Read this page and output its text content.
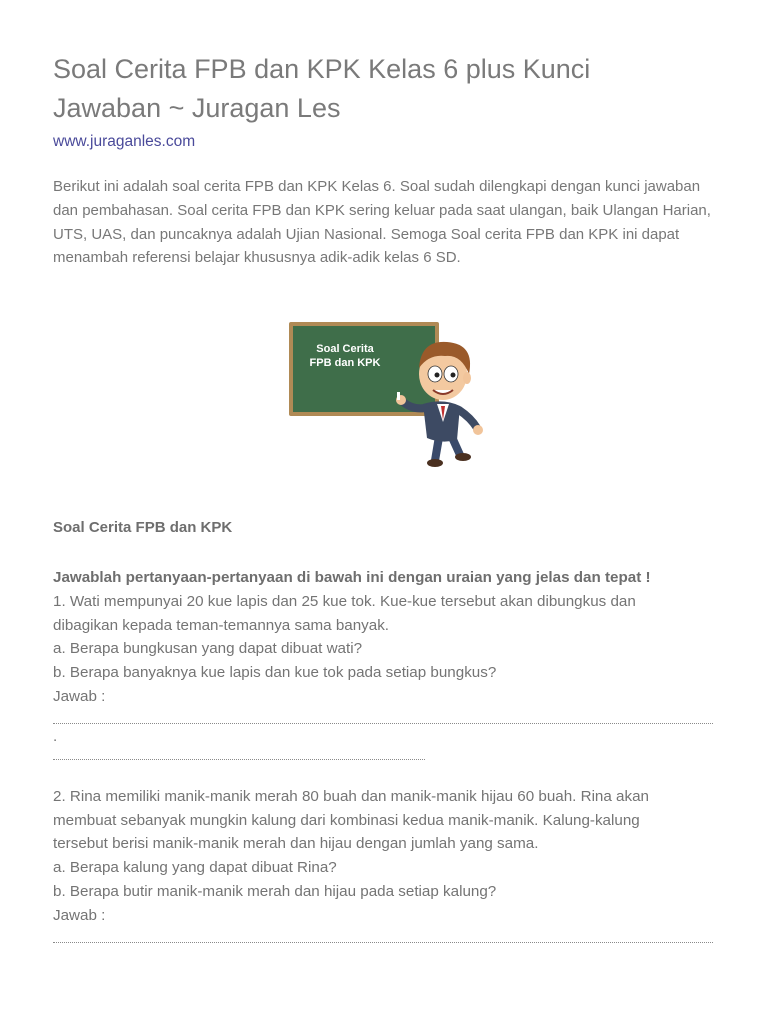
Soal Cerita FPB dan KPK Kelas 6 plus Kunci Jawaban ~ Juragan Les
www.juraganles.com

Berikut ini adalah soal cerita FPB dan KPK Kelas 6. Soal sudah dilengkapi dengan kunci jawaban dan pembahasan. Soal cerita FPB dan KPK sering keluar pada saat ulangan, baik Ulangan Harian, UTS, UAS, dan puncaknya adalah Ujian Nasional. Semoga Soal cerita FPB dan KPK ini dapat menambah referensi belajar khususnya adik-adik kelas 6 SD.

Soal Cerita
FPB dan KPK
Soal Cerita FPB dan KPK
Jawablah pertanyaan-pertanyaan di bawah ini dengan uraian yang jelas dan tepat !
1. Wati mempunyai 20 kue lapis dan 25 kue tok. Kue-kue tersebut akan dibungkus dan
dibagikan kepada teman-temannya sama banyak.
a. Berapa bungkusan yang dapat dibuat wati?
b. Berapa banyaknya kue lapis dan kue tok pada setiap bungkus?
Jawab :
.
2. Rina memiliki manik-manik merah 80 buah dan manik-manik hijau 60 buah. Rina akan
membuat sebanyak mungkin kalung dari kombinasi kedua manik-manik. Kalung-kalung
tersebut berisi manik-manik merah dan hijau dengan jumlah yang sama.
a. Berapa kalung yang dapat dibuat Rina?
b. Berapa butir manik-manik merah dan hijau pada setiap kalung?
Jawab :
